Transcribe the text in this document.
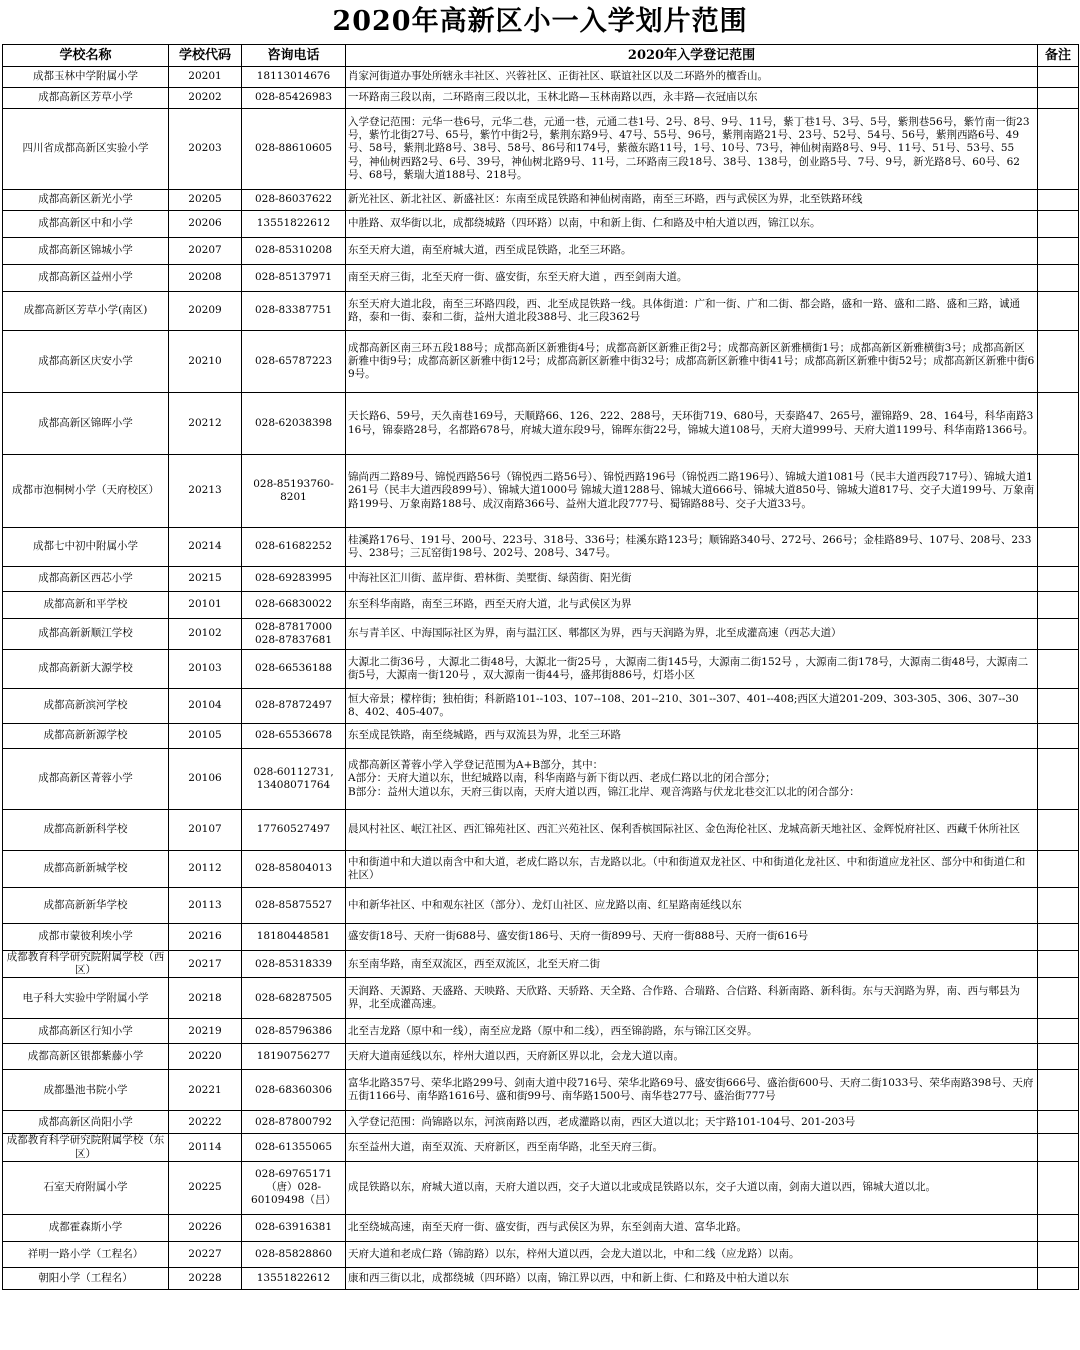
2020年高新区小一入学划片范围
学校名称	学校代码	咨询电话	2020年入学登记范围	备注
成都玉林中学附属小学	20201	18113014676	肖家河街道办事处所辖永丰社区、兴蓉社区、正街社区、联谊社区以及二环路外的檀香山。	
成都高新区芳草小学	20202	028-85426983	一环路南三段以南，二环路南三段以北，玉林北路—玉林南路以西，永丰路—衣冠庙以东	
四川省成都高新区实验小学	20203	028-88610605	入学登记范围：元华一巷6号，元华二巷，元通一巷，元通二巷1号、2号、8号、9号、11号，紫丁巷1号、3号、5号，紫荆巷56号，紫竹南一街23号，紫竹北街27号、65号，紫竹中街2号，紫荆东路9号、47号、55号、96号，紫荆南路21号、23号、52号、54号、56号，紫荆西路6号、49号、58号，紫荆北路8号、38号、58号、86号和174号，紫薇东路11号，1号、10号、73号，神仙树南路8号、9号、11号、51号、53号、55号，神仙树西路2号、6号、39号，神仙树北路9号、11号，二环路南三段18号、38号、138号，创业路5号、7号、9号，新光路8号、60号、62号、68号，紫瑞大道188号、218号。	
成都高新区新光小学	20205	028-86037622	新光社区、新北社区、新盛社区：东南至成昆铁路和神仙树南路，南至三环路，西与武侯区为界，北至铁路环线	
成都高新区中和小学	20206	13551822612	中胜路、双华街以北，成都绕城路（四环路）以南，中和新上街、仁和路及中柏大道以西，锦江以东。	
成都高新区锦城小学	20207	028-85310208	东至天府大道，南至府城大道，西至成昆铁路，北至三环路。	
成都高新区益州小学	20208	028-85137971	南至天府三街，北至天府一街、盛安街，东至天府大道 ，西至剑南大道。	
成都高新区芳草小学(南区)	20209	028-83387751	东至天府大道北段，南至三环路四段，西、北至成昆铁路一线。具体街道：广和一街、广和二街、都会路，盛和一路、盛和二路、盛和三路，诚通路，泰和一街、泰和二街，益州大道北段388号、北三段362号	
成都高新区庆安小学	20210	028-65787223	成都高新区南三环五段188号；成都高新区新雅街4号；成都高新区新雅正街2号；成都高新区新雅横街1号；成都高新区新雅横街3号；成都高新区新雅中街9号；成都高新区新雅中街12号；成都高新区新雅中街32号；成都高新区新雅中街41号；成都高新区新雅中街52号；成都高新区新雅中街69号。	
成都高新区锦晖小学	20212	028-62038398	天长路6、59号，天久南巷169号，天顺路66、126、222、288号，天环街719、680号，天泰路47、265号，濯锦路9、28、164号，科华南路316号，锦泰路28号，名都路678号，府城大道东段9号，锦晖东街22号，锦城大道108号，天府大道999号、天府大道1199号、科华南路1366号。	
成都市泡桐树小学（天府校区）	20213	028-85193760-8201	锦尚西二路89号、锦悦西路56号（锦悦西二路56号）、锦悦西路196号（锦悦西二路196号）、锦城大道1081号（民丰大道西段717号）、锦城大道1261号（民丰大道西段899号）、锦城大道1000号 锦城大道1288号、锦城大道666号、锦城大道850号、锦城大道817号、交子大道199号、万象南路199号、万象南路188号、成汉南路366号、益州大道北段777号、蜀锦路88号、交子大道33号。	
成都七中初中附属小学	20214	028-61682252	桂溪路176号、191号、200号、223号、318号、336号；桂溪东路123号；顺锦路340号、272号、266号；金桂路89号、107号、208号、233号、238号；三瓦窑街198号、202号、208号、347号。	
成都高新区西芯小学	20215	028-69283995	中海社区汇川街、蓝岸街、碧林街、美墅街、绿茵街、阳光街	
成都高新和平学校	20101	028-66830022	东至科华南路，南至三环路，西至天府大道，北与武侯区为界	
成都高新新顺江学校	20102	028-87817000 028-87837681	东与青羊区、中海国际社区为界，南与温江区、郫都区为界，西与天润路为界，北至成灌高速（西芯大道）	
成都高新新大源学校	20103	028-66536188	大源北二街36号 ，大源北二街48号，大源北一街25号 ，大源南二街145号，大源南二街152号 ，大源南二街178号，大源南二街48号，大源南二街5号，大源南一街120号 ，双大源南一街44号，盛邦街886号，灯塔小区	
成都高新滨河学校	20104	028-87872497	恒大帝景；檬梓街；独柏街；科新路101--103、107--108、201--210、301--307、401--408;西区大道201-209、303-305、306、307--308、402、405-407。	
成都高新新源学校	20105	028-65536678	东至成昆铁路，南至绕城路，西与双流县为界，北至三环路	
成都高新区菁蓉小学	20106	028-60112731, 13408071764	成都高新区菁蓉小学入学登记范围为A+B部分，其中：
A部分：天府大道以东，世纪城路以南，科华南路与新下街以西、老成仁路以北的闭合部分；
B部分：益州大道以东，天府三街以南，天府大道以西，锦江北岸、观音湾路与伏龙北巷交汇以北的闭合部分：	
成都高新新科学校	20107	17760527497	晨风村社区、岷江社区、西汇锦苑社区、西汇兴苑社区、保利香槟国际社区、金色海伦社区、龙城高新天地社区、金辉悦府社区、西藏千休所社区	
成都高新新城学校	20112	028-85804013	中和街道中和大道以南含中和大道，老成仁路以东，吉龙路以北。（中和街道双龙社区、中和街道化龙社区、中和街道应龙社区、部分中和街道仁和社区）	
成都高新新华学校	20113	028-85875527	中和新华社区、中和观东社区（部分）、龙灯山社区、应龙路以南、红星路南延线以东	
成都市蒙彼利埃小学	20216	18180448581	盛安街18号、天府一街688号、盛安街186号、天府一街899号、天府一街888号、天府一街616号	
成都教育科学研究院附属学校（西区）	20217	028-85318339	东至南华路，南至双流区，西至双流区，北至天府二街	
电子科大实验中学附属小学	20218	028-68287505	天润路、天源路、天盛路、天映路、天欣路、天骄路、天全路、合作路、合瑞路、合信路、科新南路、新科街。东与天润路为界，南、西与郫县为界，北至成灌高速。	
成都高新区行知小学	20219	028-85796386	北至吉龙路（原中和一线），南至应龙路（原中和二线），西至锦韵路，东与锦江区交界。	
成都高新区银都紫藤小学	20220	18190756277	天府大道南延线以东，梓州大道以西，天府新区界以北，会龙大道以南。	
成都墨池书院小学	20221	028-68360306	富华北路357号、荣华北路299号、剑南大道中段716号、荣华北路69号、盛安街666号、盛治街600号、天府二街1033号、荣华南路398号、天府五街1166号、南华路1616号、盛和街99号、南华路1500号、南华巷277号、盛治街777号	
成都高新区尚阳小学	20222	028-87800792	入学登记范围：尚锦路以东，河滨南路以西，老成灌路以南，西区大道以北；天宇路101-104号、201-203号	
成都教育科学研究院附属学校（东区）	20114	028-61355065	东至益州大道，南至双流、天府新区，西至南华路，北至天府三街。	
石室天府附属小学	20225	028-69765171（唐）028-60109498（吕）	成昆铁路以东，府城大道以南，天府大道以西，交子大道以北或成昆铁路以东，交子大道以南，剑南大道以西，锦城大道以北。	
成都霍森斯小学	20226	028-63916381	北至绕城高速，南至天府一街、盛安街，西与武侯区为界，东至剑南大道、富华北路。	
祥明一路小学（工程名）	20227	028-85828860	天府大道和老成仁路（锦韵路）以东，梓州大道以西，会龙大道以北，中和二线（应龙路）以南。	
朝阳小学（工程名）	20228	13551822612	康和西三街以北，成都绕城（四环路）以南，锦江界以西，中和新上街、仁和路及中柏大道以东	
